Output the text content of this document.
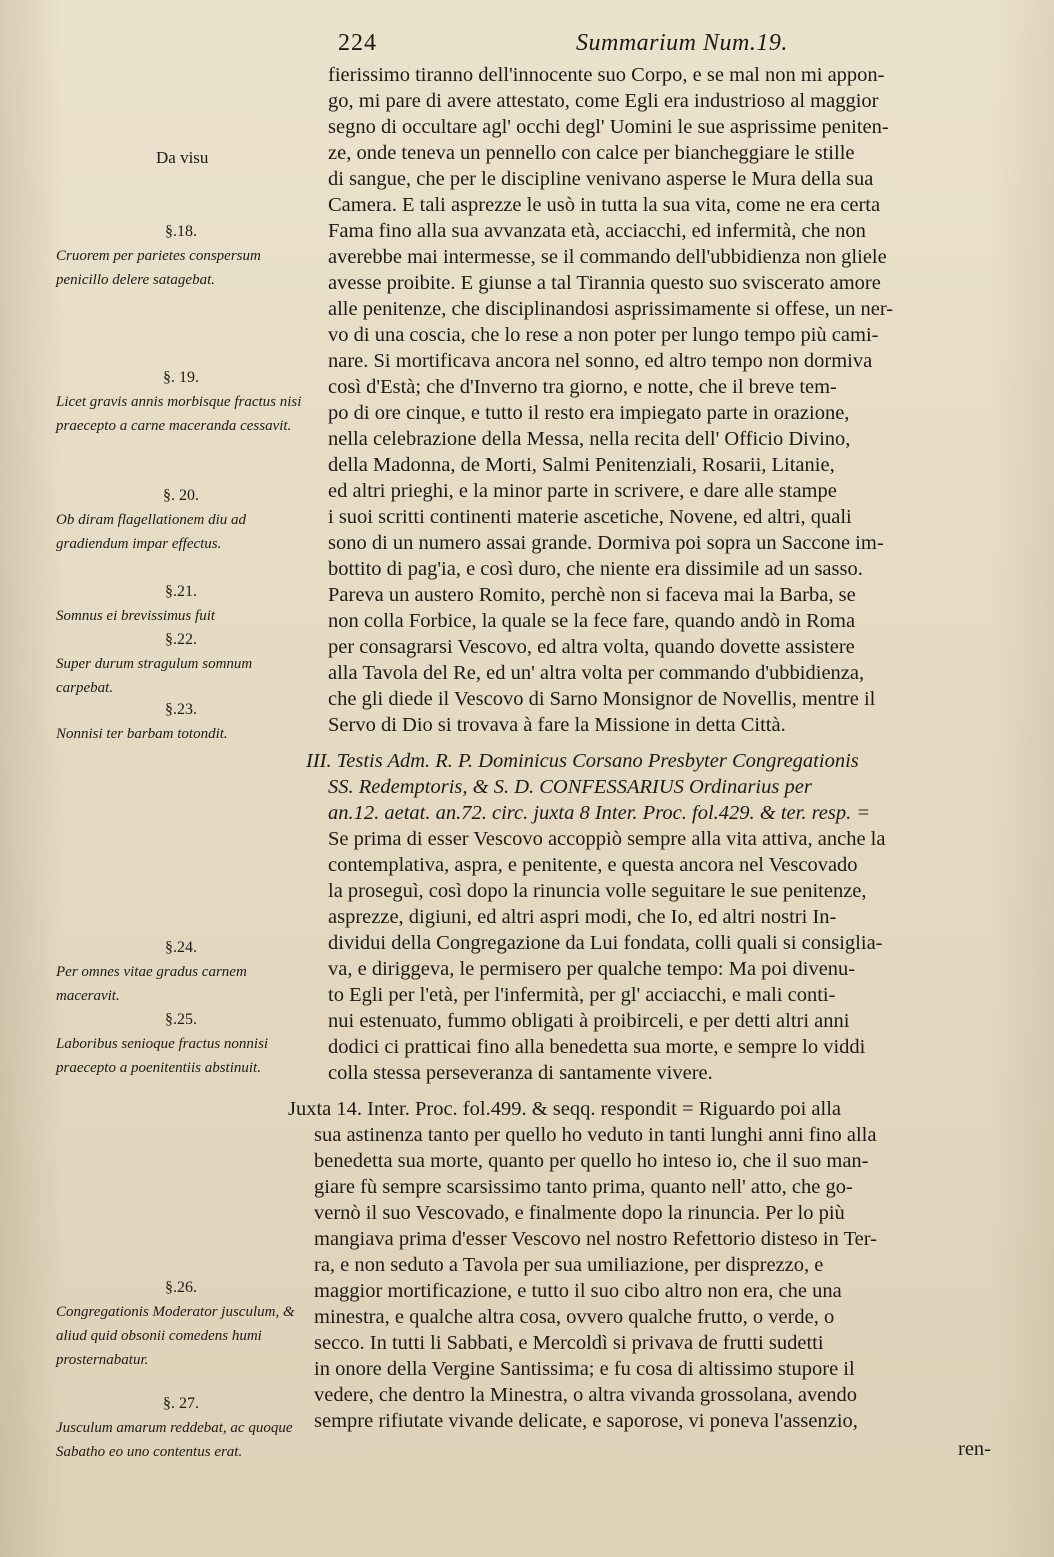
224	Summarium Num.19.
Da visu
§.18.
Cruorem per parietes conspersum penicillo delere satagebat.
§. 19.
Licet gravis annis morbisque fractus nisi praecepto a carne maceranda cessavit.
§. 20.
Ob diram flagellationem diu ad gradiendum impar effectus.
§.21.
Somnus ei brevissimus fuit
§.22.
Super durum stragulum somnum carpebat.
§.23.
Nonnisi ter barbam totondit.
§.24.
Per omnes vitae gradus carnem maceravit.
§.25.
Laboribus senioque fractus nonnisi praecepto a poenitentiis abstinuit.
§.26.
Congregationis Moderator jusculum, & aliud quid obsonii comedens humi prosternabatur.
§. 27.
Jusculum amarum reddebat, ac quoque Sabatho eo uno contentus erat.
fierissimo tiranno dell'innocente suo Corpo, e se mal non mi appon-
go, mi pare di avere attestato, come Egli era industrioso al maggior
segno di occultare agl' occhi degl' Uomini le sue asprissime peniten-
ze, onde teneva un pennello con calce per biancheggiare le stille
di sangue, che per le discipline venivano asperse le Mura della sua
Camera. E tali asprezze le usò in tutta la sua vita, come ne era certa
Fama fino alla sua avvanzata età, acciacchi, ed infermità, che non
averebbe mai intermesse, se il commando dell'ubbidienza non gliele
avesse proibite. E giunse a tal Tirannia questo suo sviscerato amore
alle penitenze, che disciplinandosi asprissimamente si offese, un ner-
vo di una coscia, che lo rese a non poter per lungo tempo più cami-
nare. Si mortificava ancora nel sonno, ed altro tempo non dormiva
così d'Està; che d'Inverno tra giorno, e notte, che il breve tem-
po di ore cinque, e tutto il resto era impiegato parte in orazione,
nella celebrazione della Messa, nella recita dell' Officio Divino,
della Madonna, de Morti, Salmi Penitenziali, Rosarii, Litanie,
ed altri prieghi, e la minor parte in scrivere, e dare alle stampe
i suoi scritti continenti materie ascetiche, Novene, ed altri, quali
sono di un numero assai grande. Dormiva poi sopra un Saccone im-
bottito di pag'ia, e così duro, che niente era dissimile ad un sasso.
Pareva un austero Romito, perchè non si faceva mai la Barba, se
non colla Forbice, la quale se la fece fare, quando andò in Roma
per consagrarsi Vescovo, ed altra volta, quando dovette assistere
alla Tavola del Re, ed un' altra volta per commando d'ubbidienza,
che gli diede il Vescovo di Sarno Monsignor de Novellis, mentre il
Servo di Dio si trovava à fare la Missione in detta Città.
III. Testis Adm. R. P. Dominicus Corsano Presbyter Congregationis
SS. Redemptoris, & S. D. CONFESSARIUS Ordinarius per
an.12. aetat. an.72. circ. juxta 8 Inter. Proc. fol.429. & ter. resp. =
Se prima di esser Vescovo accoppiò sempre alla vita attiva, anche la
contemplativa, aspra, e penitente, e questa ancora nel Vescovado
la proseguì, così dopo la rinuncia volle seguitare le sue penitenze,
asprezze, digiuni, ed altri aspri modi, che Io, ed altri nostri In-
dividui della Congregazione da Lui fondata, colli quali si consiglia-
va, e diriggeva, le permisero per qualche tempo: Ma poi divenu-
to Egli per l'età, per l'infermità, per gl' acciacchi, e mali conti-
nui estenuato, fummo obligati à proibirceli, e per detti altri anni
dodici ci pratticai fino alla benedetta sua morte, e sempre lo viddi
colla stessa perseveranza di santamente vivere.
Juxta 14. Inter. Proc. fol.499. & seqq. respondit = Riguardo poi alla
sua astinenza tanto per quello ho veduto in tanti lunghi anni fino alla
benedetta sua morte, quanto per quello ho inteso io, che il suo man-
giare fù sempre scarsissimo tanto prima, quanto nell' atto, che go-
vernò il suo Vescovado, e finalmente dopo la rinuncia. Per lo più
mangiava prima d'esser Vescovo nel nostro Refettorio disteso in Ter-
ra, e non seduto a Tavola per sua umiliazione, per disprezzo, e
maggior mortificazione, e tutto il suo cibo altro non era, che una
minestra, e qualche altra cosa, ovvero qualche frutto, o verde, o
secco. In tutti li Sabbati, e Mercoldì si privava de frutti sudetti
in onore della Vergine Santissima; e fu cosa di altissimo stupore il
vedere, che dentro la Minestra, o altra vivanda grossolana, avendo
sempre rifiutate vivande delicate, e saporose, vi poneva l'assenzio,
ren-
